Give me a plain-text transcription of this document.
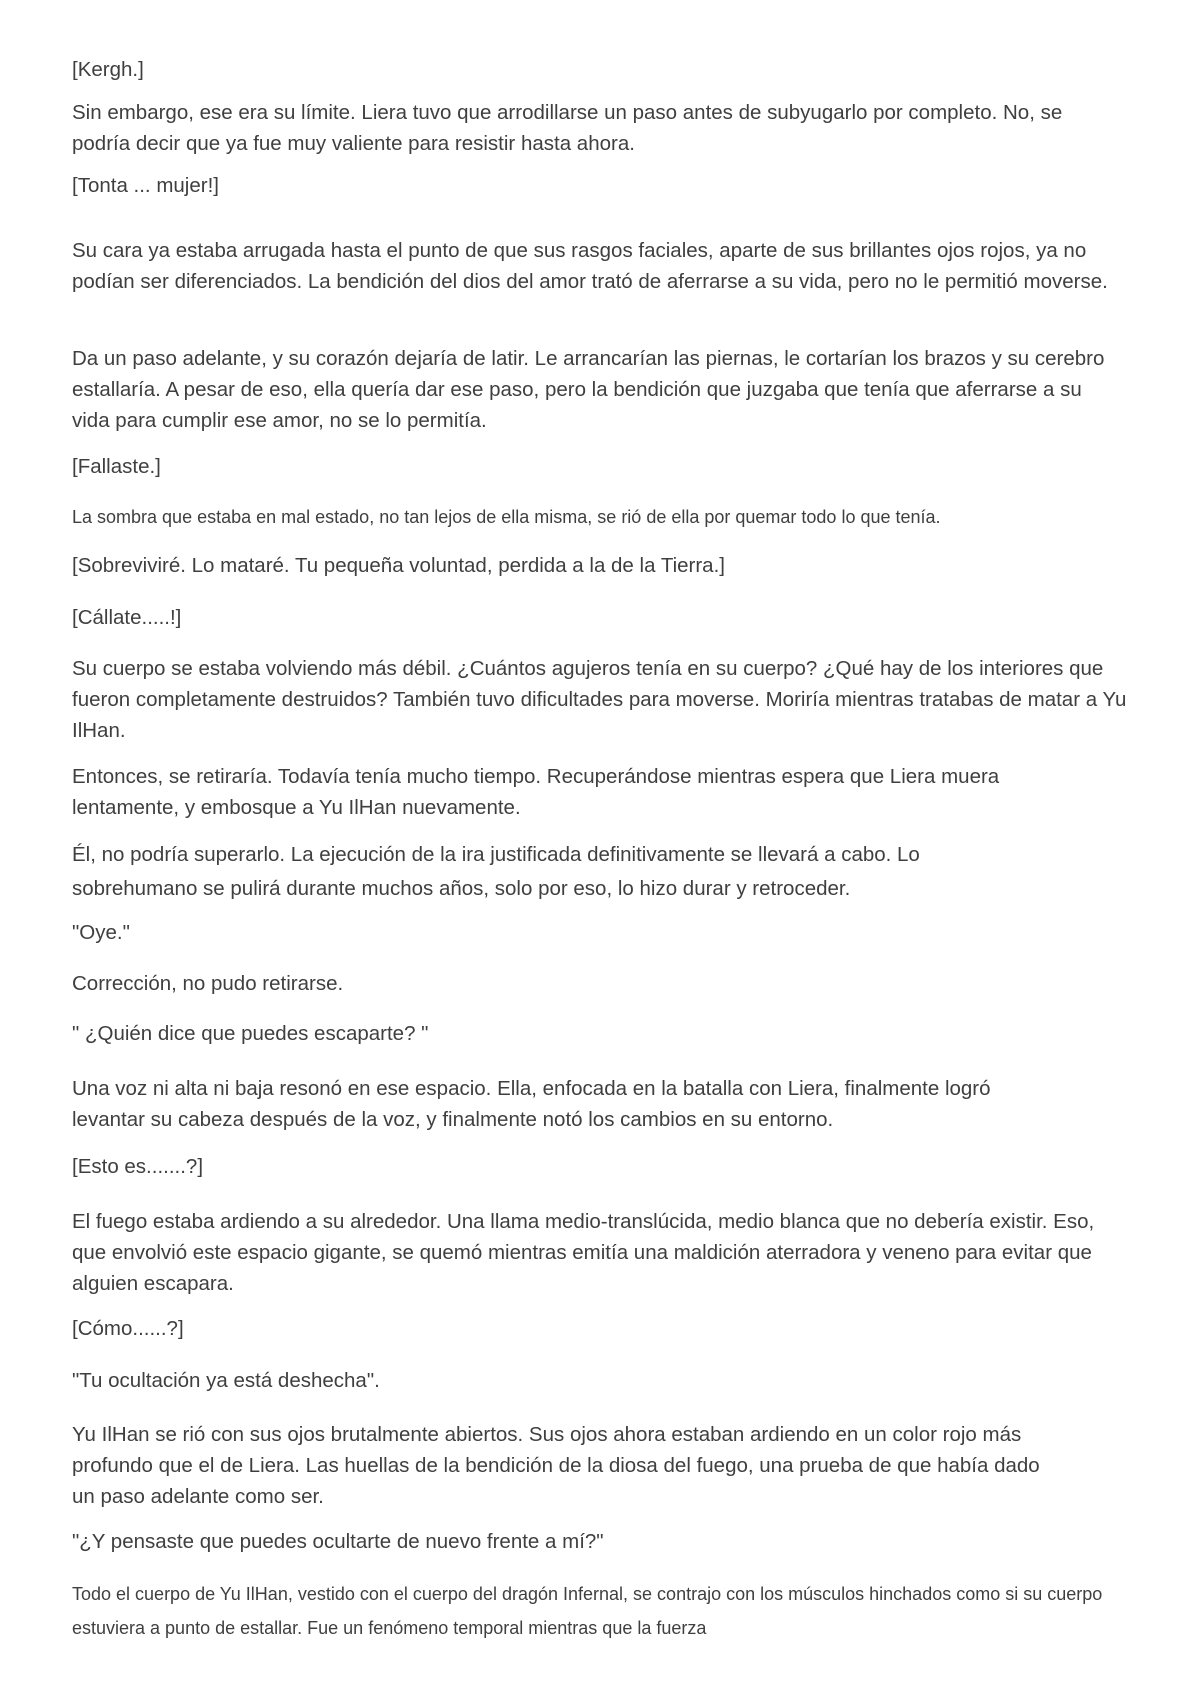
[Kergh.]

Sin embargo, ese era su límite. Liera tuvo que arrodillarse un paso antes de subyugarlo por completo. No, se podría decir que ya fue muy valiente para resistir hasta ahora.

[Tonta ... mujer!]

Su cara ya estaba arrugada hasta el punto de que sus rasgos faciales, aparte de sus brillantes ojos rojos, ya no podían ser diferenciados. La bendición del dios del amor trató de aferrarse a su vida, pero no le permitió moverse.

Da un paso adelante, y su corazón dejaría de latir. Le arrancarían las piernas, le cortarían los brazos y su cerebro estallaría. A pesar de eso, ella quería dar ese paso, pero la bendición que juzgaba que tenía que aferrarse a su vida para cumplir ese amor, no se lo permitía.

[Fallaste.]

La sombra que estaba en mal estado, no tan lejos de ella misma, se rió de ella por quemar todo lo que tenía.

[Sobreviviré. Lo mataré. Tu pequeña voluntad, perdida a la de la Tierra.]

[Cállate.....!]

Su cuerpo se estaba volviendo más débil. ¿Cuántos agujeros tenía en su cuerpo? ¿Qué hay de los interiores que fueron completamente destruidos? También tuvo dificultades para moverse. Moriría mientras tratabas de matar a Yu IlHan.

Entonces, se retiraría. Todavía tenía mucho tiempo. Recuperándose mientras espera que Liera muera lentamente, y embosque a Yu IlHan nuevamente.

Él, no podría superarlo. La ejecución de la ira justificada definitivamente se llevará a cabo. Lo sobrehumano se pulirá durante muchos años, solo por eso, lo hizo durar y retroceder.

"Oye."

Corrección, no pudo retirarse.

" ¿Quién dice que puedes escaparte? "

Una voz ni alta ni baja resonó en ese espacio. Ella, enfocada en la batalla con Liera, finalmente logró levantar su cabeza después de la voz, y finalmente notó los cambios en su entorno.

[Esto es.......?]

El fuego estaba ardiendo a su alrededor. Una llama medio-translúcida, medio blanca que no debería existir. Eso, que envolvió este espacio gigante, se quemó mientras emitía una maldición aterradora y veneno para evitar que alguien escapara.

[Cómo......?]

"Tu ocultación ya está deshecha".

Yu IlHan se rió con sus ojos brutalmente abiertos. Sus ojos ahora estaban ardiendo en un color rojo más profundo que el de Liera. Las huellas de la bendición de la diosa del fuego, una prueba de que había dado un paso adelante como ser.

"¿Y pensaste que puedes ocultarte de nuevo frente a mí?"

Todo el cuerpo de Yu IlHan, vestido con el cuerpo del dragón Infernal, se contrajo con los músculos hinchados como si su cuerpo estuviera a punto de estallar. Fue un fenómeno temporal mientras que la fuerza
